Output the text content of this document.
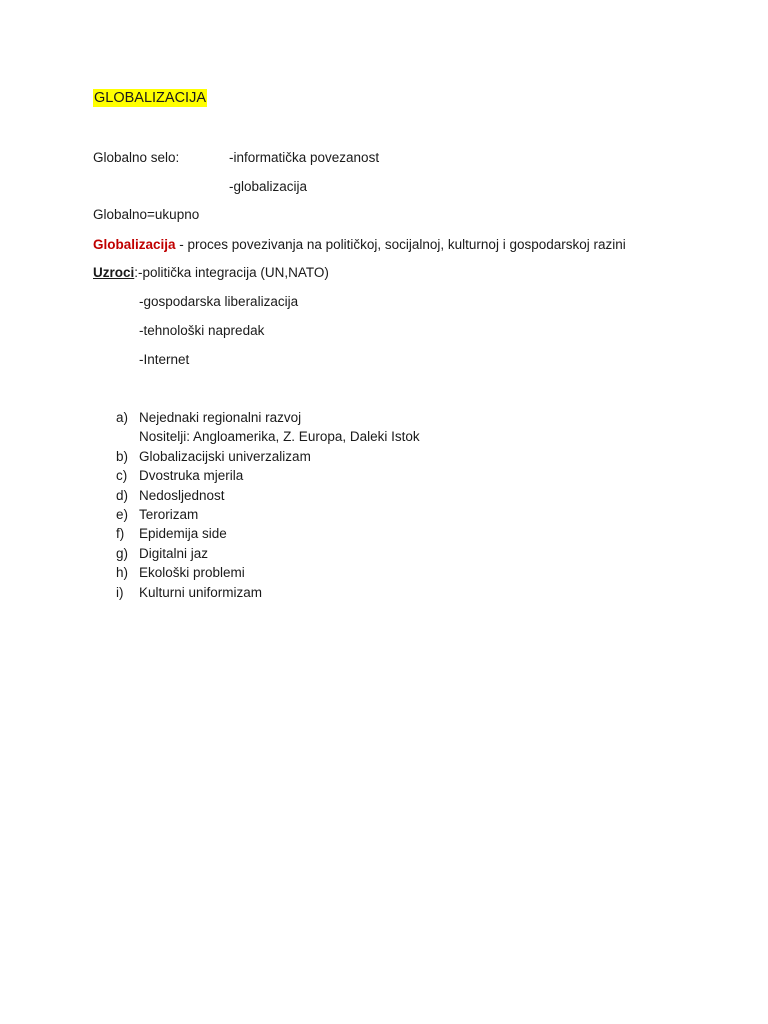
GLOBALIZACIJA
Globalno selo:	-informatička povezanost
-globalizacija
Globalno=ukupno
Globalizacija - proces povezivanja na političkoj, socijalnoj, kulturnoj i gospodarskoj razini
Uzroci:-politička integracija (UN,NATO)
-gospodarska liberalizacija
-tehnološki napredak
-Internet
a) Nejednaki regionalni razvoj
Nositelji: Angloamerika, Z. Europa, Daleki Istok
b) Globalizacijski univerzalizam
c) Dvostruka mjerila
d) Nedosljednost
e) Terorizam
f)	Epidemija side
g) Digitalni jaz
h) Ekološki problemi
i)	Kulturni uniformizam
